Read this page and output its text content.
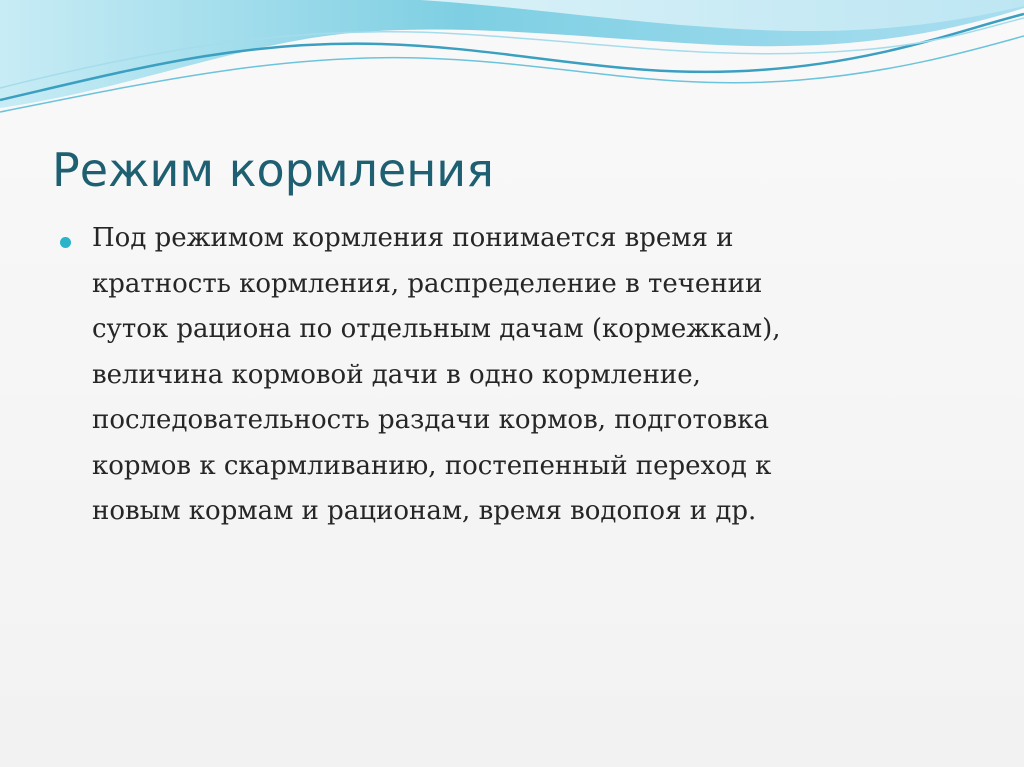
Режим кормления
Под режимом кормления понимается время и
кратность кормления, распределение в течении
суток рациона по отдельным дачам (кормежкам),
величина кормовой дачи в одно кормление,
последовательность раздачи кормов, подготовка
кормов к скармливанию, постепенный переход к
новым кормам и рационам, время водопоя и др.
